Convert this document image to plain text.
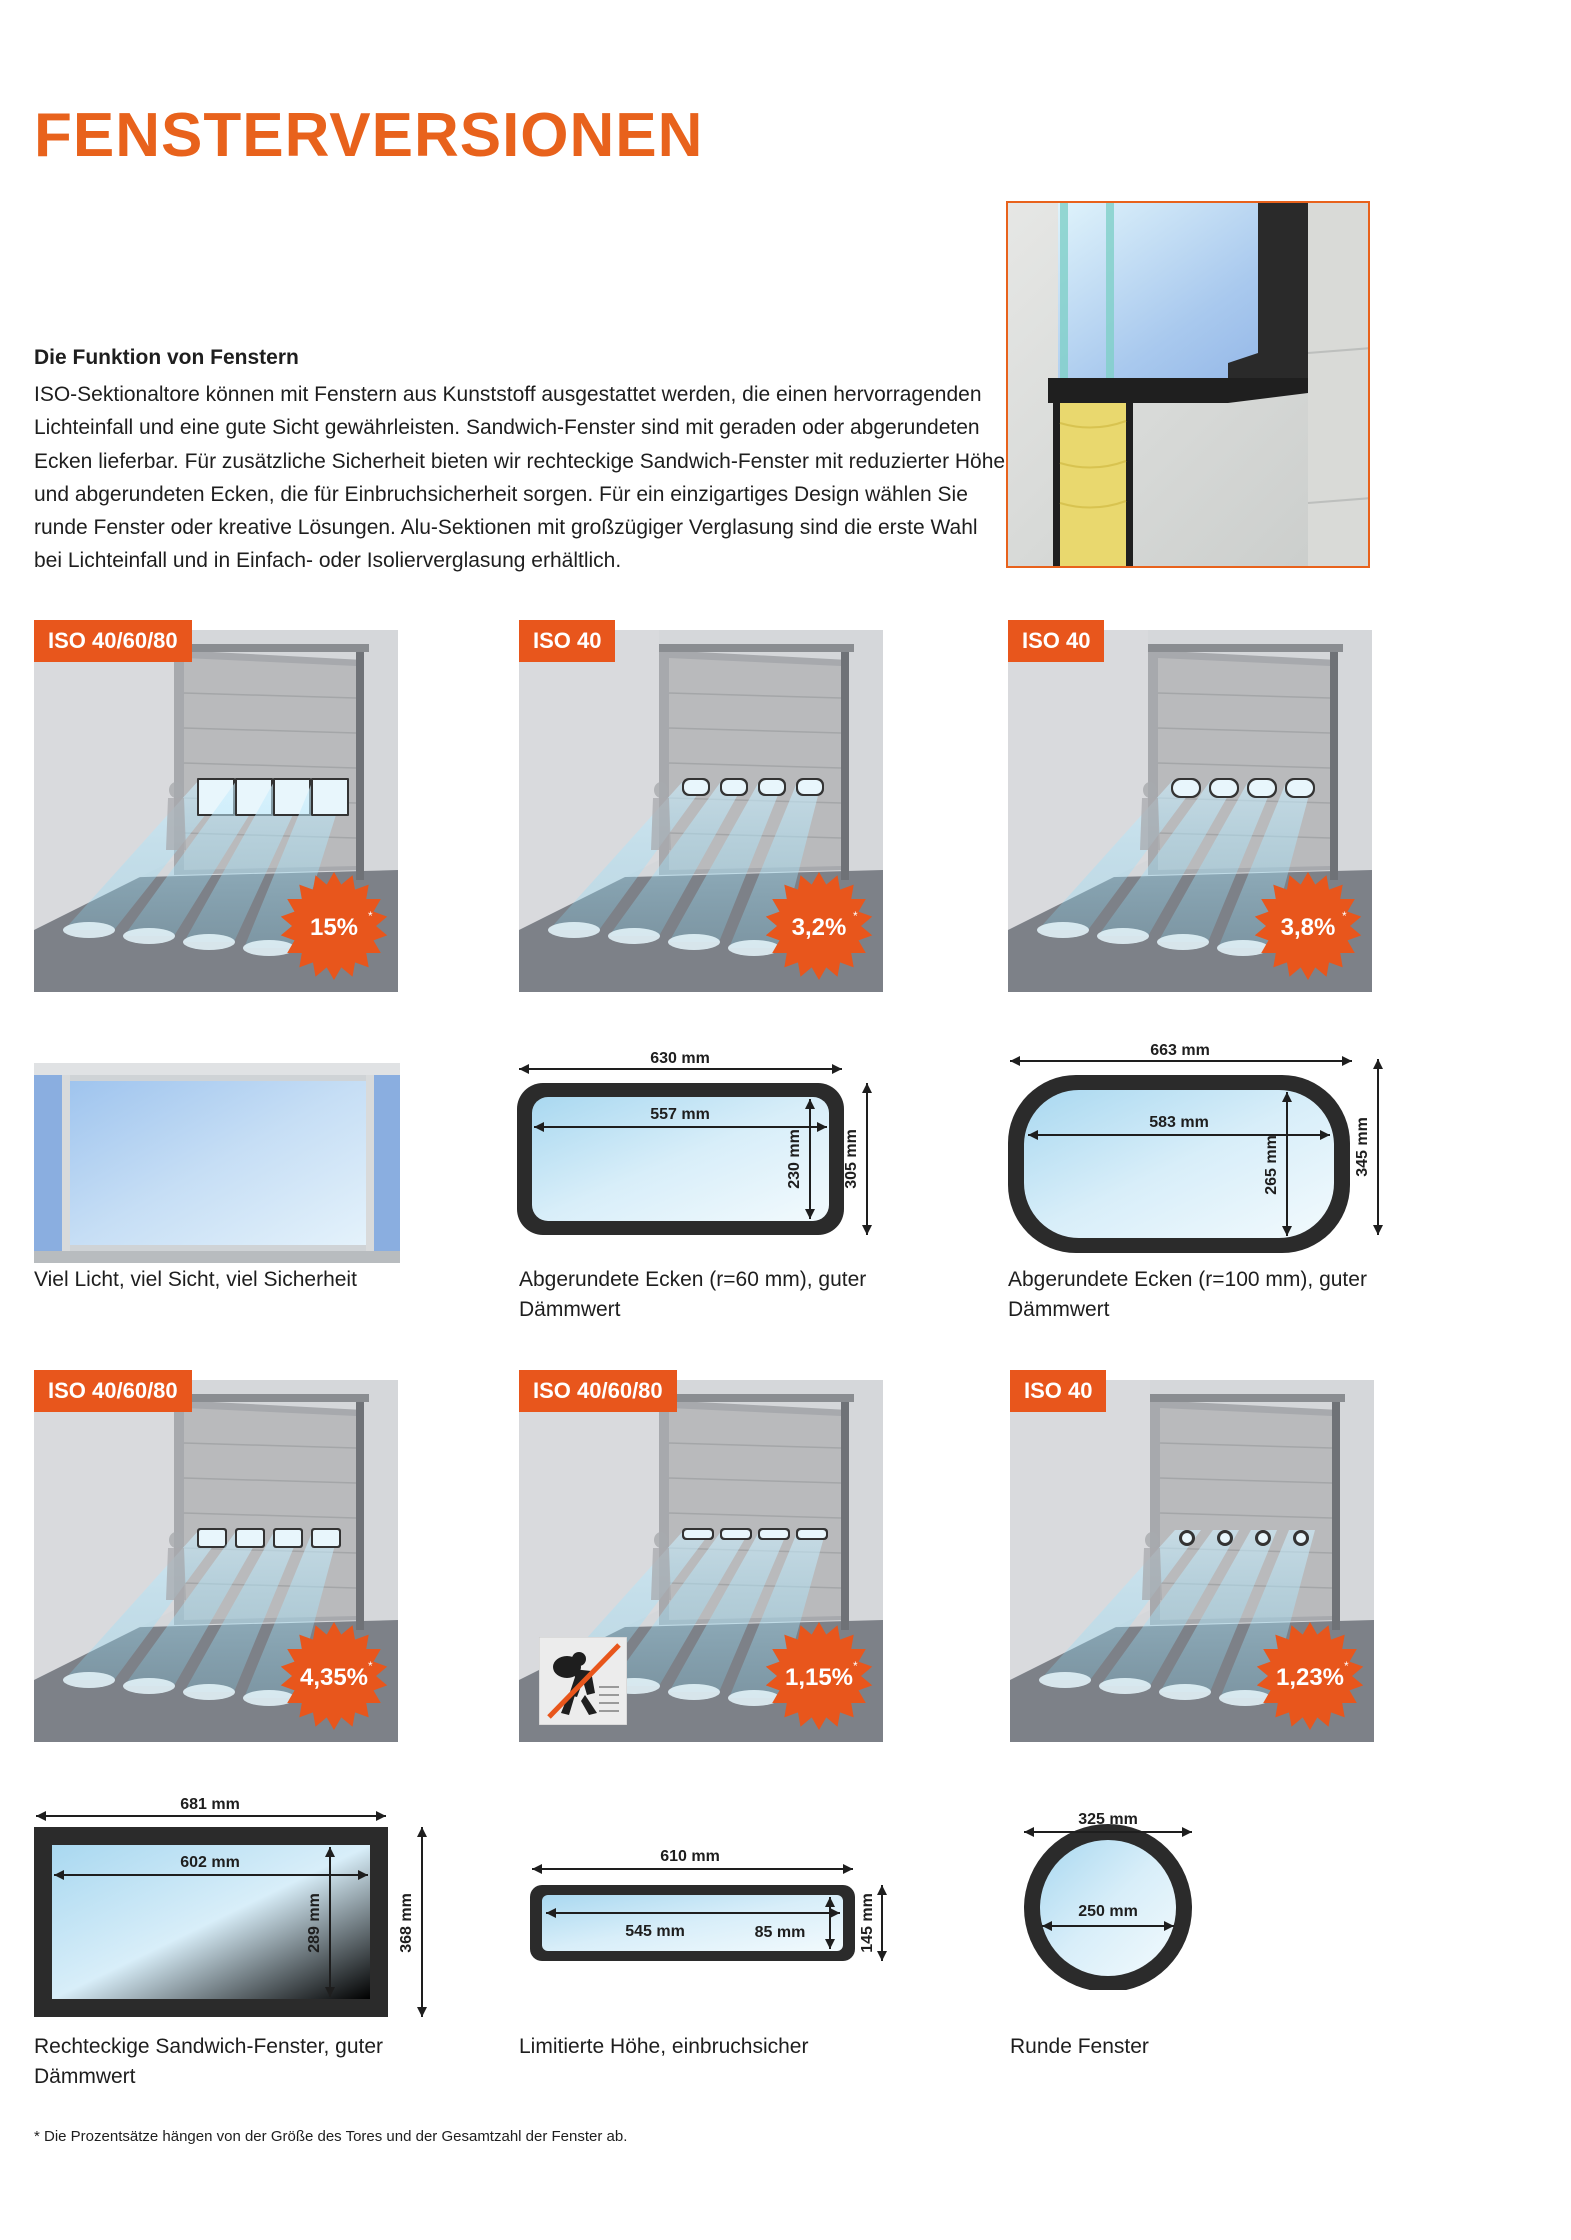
FENSTERVERSIONEN
Die Funktion von Fenstern
ISO-Sektionaltore können mit Fenstern aus Kunststoff ausgestattet werden, die einen hervorragenden Lichteinfall und eine gute Sicht gewährleisten. Sandwich-Fenster sind mit geraden oder abgerundeten Ecken lieferbar. Für zusätzliche Sicherheit bieten wir rechteckige Sandwich-Fenster mit reduzierter Höhe und abgerundeten Ecken, die für Einbruchsicherheit sorgen. Für ein einzigartiges Design wählen Sie runde Fenster oder kreative Lösungen. Alu-Sektionen mit großzügiger Verglasung sind die erste Wahl bei Lichteinfall und in Einfach- oder Isolierverglasung erhältlich.
15% *
ISO 40/60/80
3,2% *
ISO 40
3,8% *
ISO 40
Viel Licht, viel Sicht, viel Sicherheit
630 mm
557 mm
230 mm	305 mm
Abgerundete Ecken (r=60 mm), guter Dämmwert
663 mm
583 mm
265 mm	345 mm
Abgerundete Ecken (r=100 mm), guter Dämmwert
4,35% *
ISO 40/60/80
1,15% *
ISO 40/60/80
1,23% *
ISO 40
681 mm
602 mm
289 mm	368 mm
Rechteckige Sandwich-Fenster, guter Dämmwert
610 mm
545 mm	85 mm	145 mm
Limitierte Höhe, einbruchsicher
325 mm
250 mm
Runde Fenster
* Die Prozentsätze hängen von der Größe des Tores und der Gesamtzahl der Fenster ab.
